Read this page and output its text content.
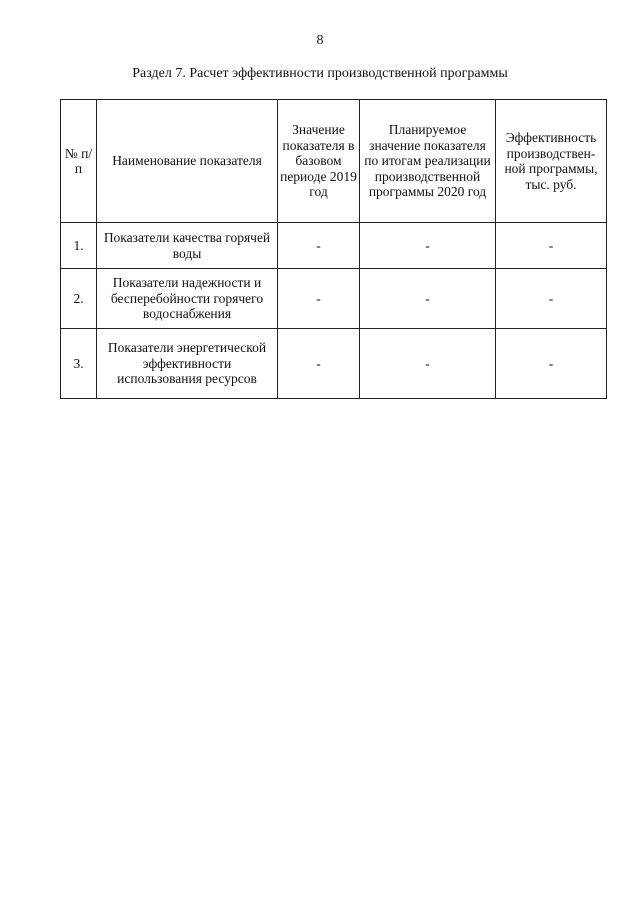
8
Раздел 7. Расчет эффективности производственной программы
№ п/п	Наименование показателя	Значение показателя в базовом периоде 2019 год	Планируемое значение показателя по итогам реализации производственной программы 2020 год	Эффективность производствен-ной программы, тыс. руб.
1.	Показатели качества горячей воды	-	-	-
2.	Показатели надежности и бесперебойности горячего водоснабжения	-	-	-
3.	Показатели энергетической эффективности использования ресурсов	-	-	-
